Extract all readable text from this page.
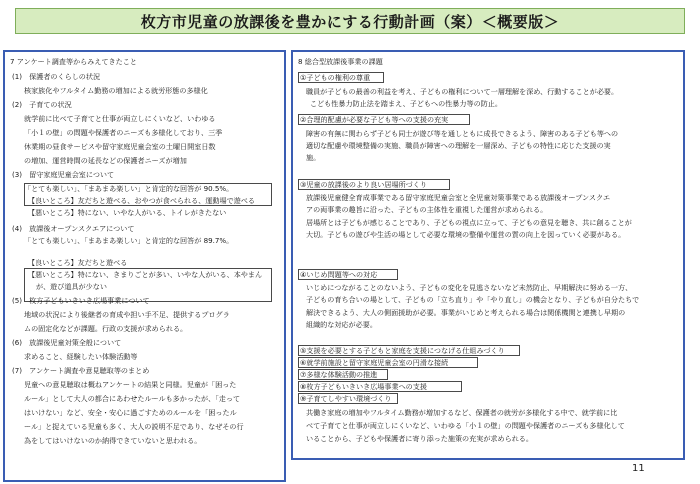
枚方市児童の放課後を豊かにする行動計画（案）＜概要版＞
7 アンケート調査等からみえてきたこと
(1)　保護者のくらしの状況
核家族化やフルタイム勤務の増加による就労形態の多様化
(2)　子育ての状況
就学前に比べて子育てと仕事が両立しにくいなど、いわゆる
「小１の壁」の問題や保護者のニーズも多様化しており、三季
休業期の昼食サービスや留守家庭児童会室の土曜日開室日数
の増加、運営時間の延長などの保護者ニーズが増加
(3)　留守家庭児童会室について
「とても楽しい」、「まあまあ楽しい」と肯定的な回答が 90.5%。
【良いところ】友だちと遊べる、おやつが食べられる、運動場で遊べる
【悪いところ】特にない、いやな人がいる、トイレがきたない
(4)　放課後オープンスクエアについて
「とても楽しい」、「まあまあ楽しい」と肯定的な回答が 89.7%。
【良いところ】友だちと遊べる
【悪いところ】特にない、きまりごとが多い、いやな人がいる、本やまん
が、遊び道具が少ない
(5)　枚方子どもいきいき広場事業について
地域の状況により後継者の育成や担い手不足、提供するプログラ
ムの固定化などが課題。行政の支援が求められる。
(6)　放課後児童対策全般について
求めること、経験したい体験活動等
(7)　アンケート調査や意見聴取等のまとめ
児童への意見聴取は概ねアンケートの結果と同様。児童が「困った
ルール」として大人の都合にあわせたルールも多かったが、「走って
はいけない」など、安全・安心に過ごすためのルールを「困ったル
ール」と捉えている児童も多く、大人の説明不足であり、なぜその行
為をしてはいけないのか納得できていないと思われる。
8 総合型放課後事業の課題
①子どもの権利の尊重
職員が子どもの最善の利益を考え、子どもの権利について一層理解を深め、行動することが必要。
こども性暴力防止法を踏まえ、子どもへの性暴力等の防止。
②合理的配慮が必要な子ども等への支援の充実
障害の有無に関わらず子ども同士が遊び等を通しともに成長できるよう、障害のある子ども等への
適切な配慮や環境整備の実施、職員が障害への理解を一層深め、子どもの特性に応じた支援の実
施。
③児童の放課後のより良い居場所づくり
放課後児童健全育成事業である留守家庭児童会室と全児童対策事業である放課後オープンスクエ
アの両事業の趣旨に沿った、子どもの主体性を重視した運営が求められる。
居場所とは子どもが感じることであり、子どもの視点に立って、子どもの意見を聴き、共に創ることが
大切。子どもの遊びや生活の場として必要な環境の整備や運営の質の向上を図っていく必要がある。
④いじめ問題等への対応
いじめにつながることのないよう、子どもの変化を見逃さないなど未然防止、早期解決に努める一方、
子どもの育ち合いの場として、子どもの「立ち直り」や「やり直し」の機会となり、子どもが自分たちで
解決できるよう、大人の側面援助が必要。事業がいじめと考えられる場合は関係機関と連携し早期の
組織的な対応が必要。
⑤支援を必要とする子どもと家庭を支援につなげる仕組みづくり
⑥就学前施設と留守家庭児童会室の円滑な接続
⑦多様な体験活動の推進
⑧枚方子どもいきいき広場事業への支援
⑨子育てしやすい環境づくり
共働き家庭の増加やフルタイム勤務が増加するなど、保護者の就労が多様化する中で、就学前に比
べて子育てと仕事が両立しにくいなど、いわゆる「小１の壁」の問題や保護者のニーズも多様化して
いることから、子どもや保護者に寄り添った施策の充実が求められる。
11
